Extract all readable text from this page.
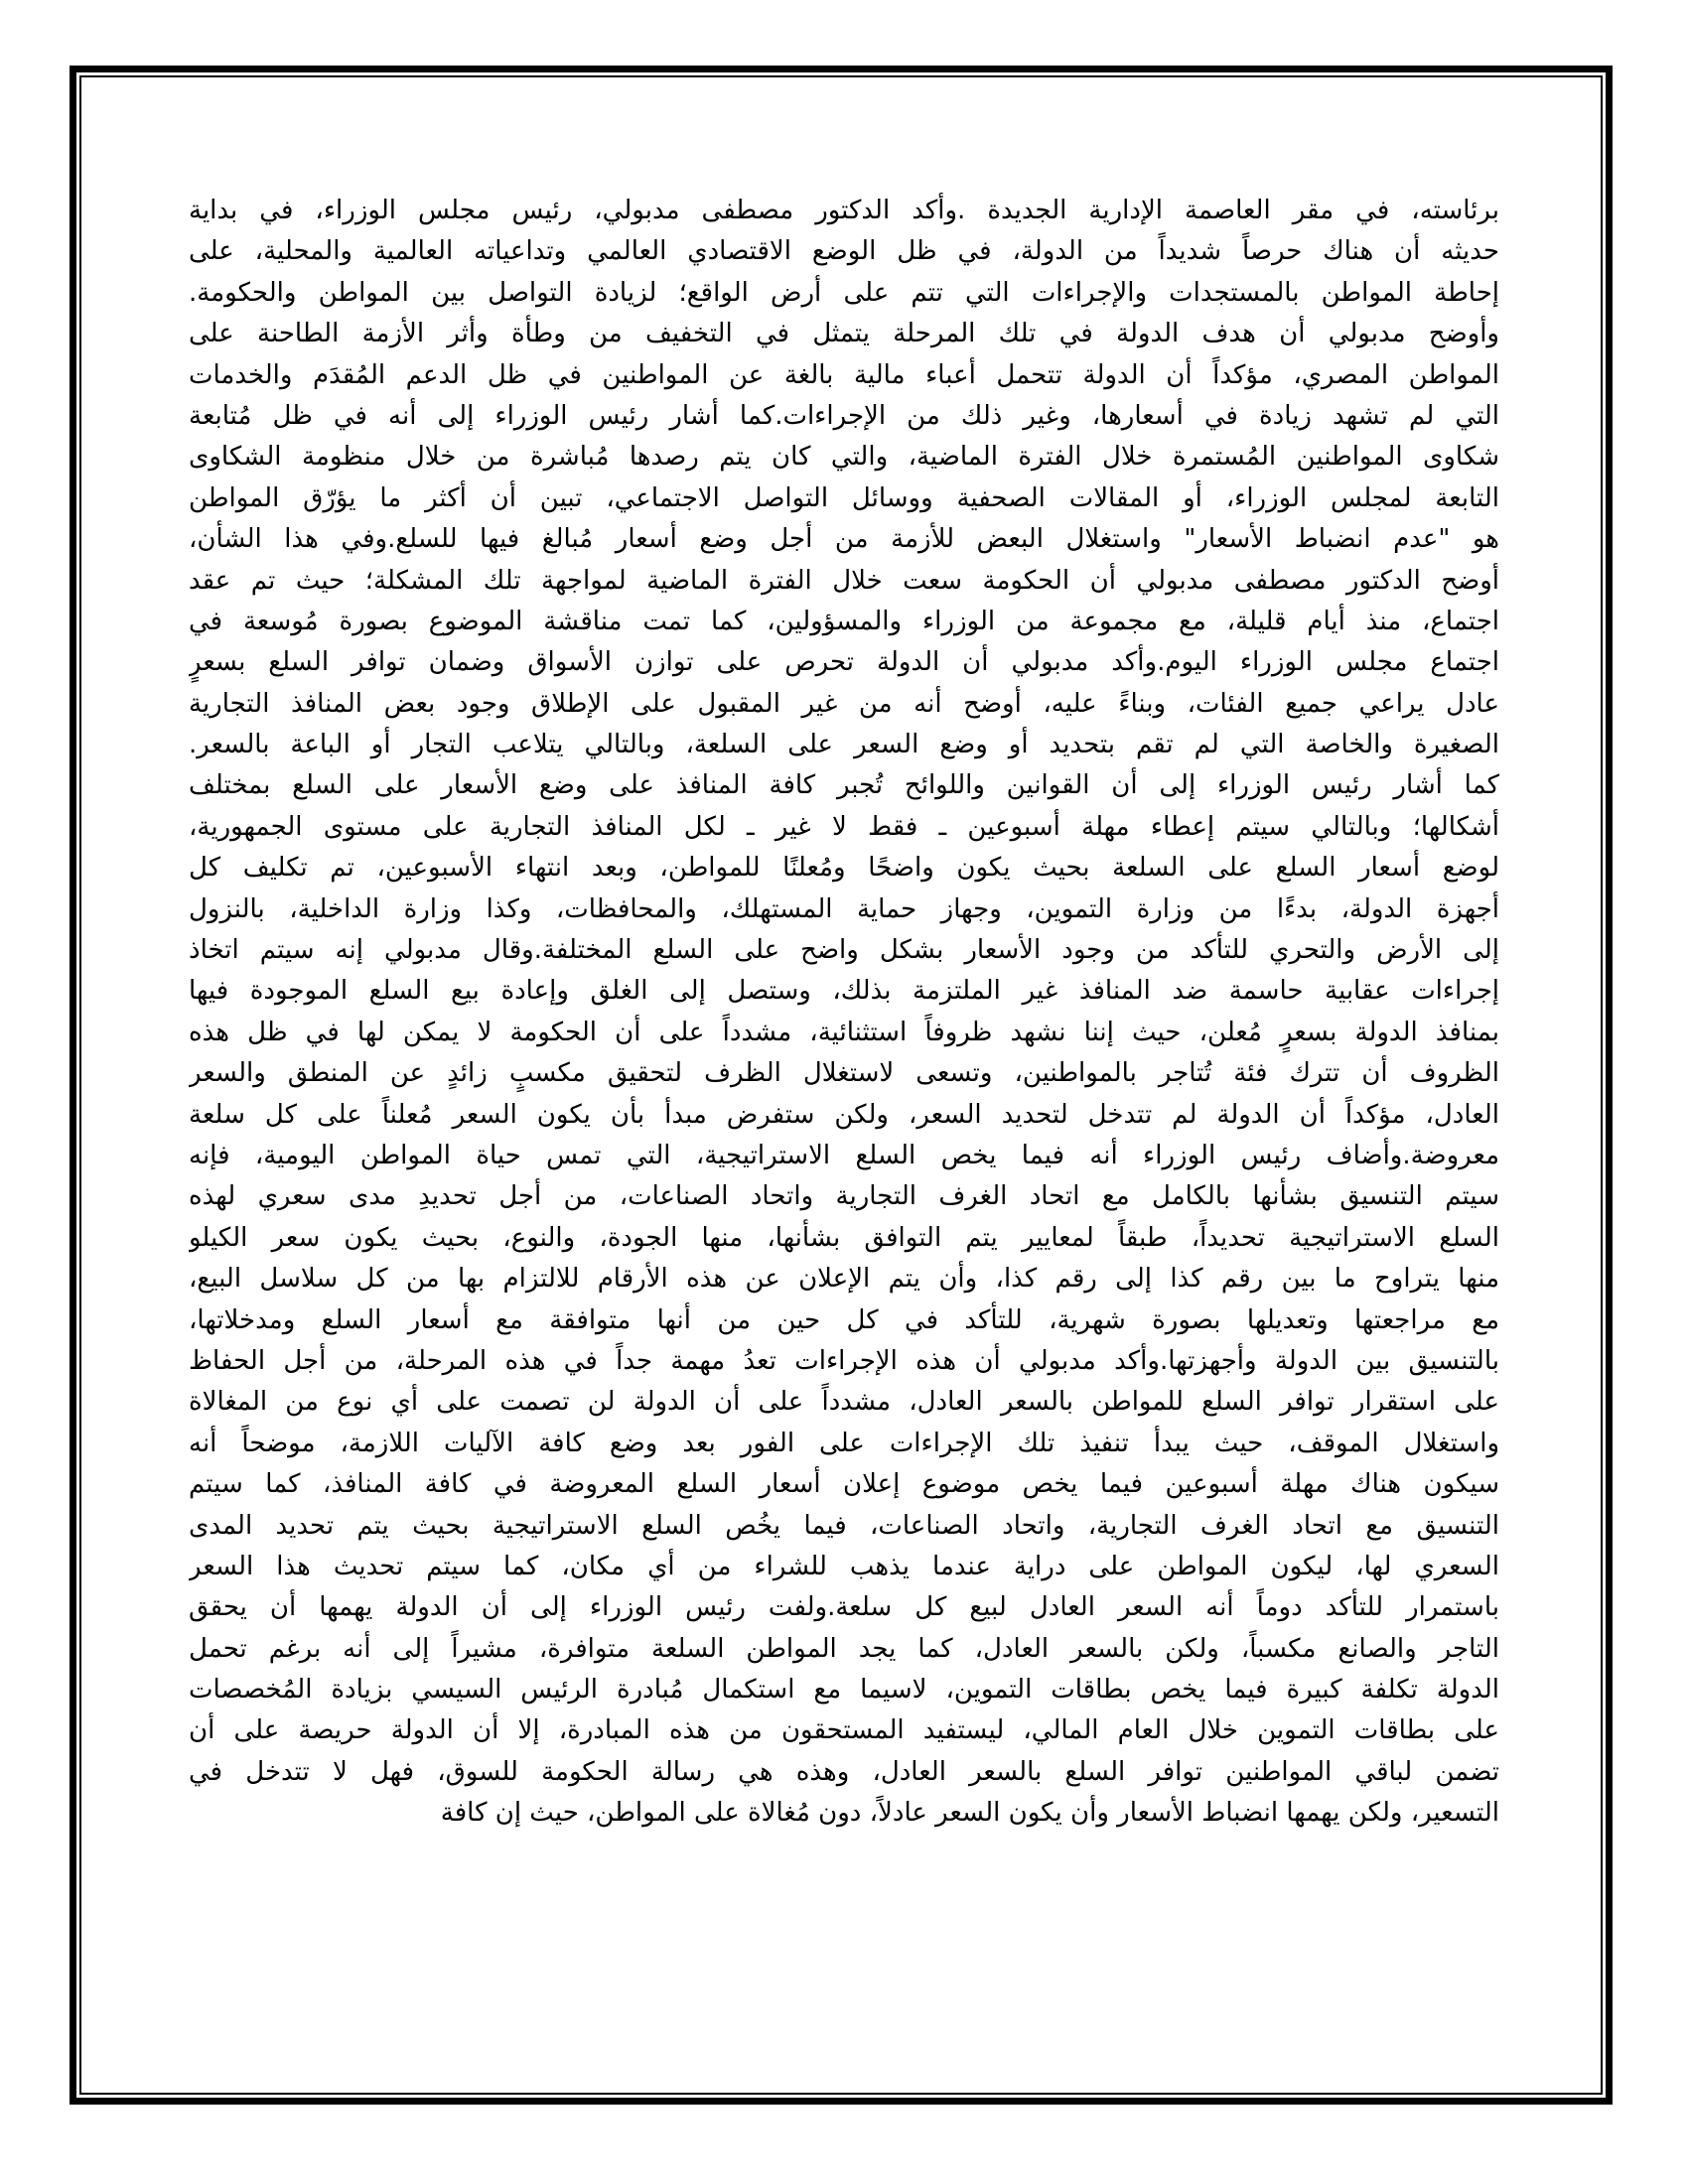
برئاسته، في مقر العاصمة الإدارية الجديدة .وأكد الدكتور مصطفى مدبولي، رئيس مجلس الوزراء، في بداية
حديثه أن هناك حرصاً شديداً من الدولة، في ظل الوضع الاقتصادي العالمي وتداعياته العالمية والمحلية، على
إحاطة المواطن بالمستجدات والإجراءات التي تتم على أرض الواقع؛ لزيادة التواصل بين المواطن والحكومة.
وأوضح مدبولي أن هدف الدولة في تلك المرحلة يتمثل في التخفيف من وطأة وأثر الأزمة الطاحنة على
المواطن المصري، مؤكداً أن الدولة تتحمل أعباء مالية بالغة عن المواطنين في ظل الدعم المُقدَم والخدمات
التي لم تشهد زيادة في أسعارها، وغير ذلك من الإجراءات.كما أشار رئيس الوزراء إلى أنه في ظل مُتابعة
شكاوى المواطنين المُستمرة خلال الفترة الماضية، والتي كان يتم رصدها مُباشرة من خلال منظومة الشكاوى
التابعة لمجلس الوزراء، أو المقالات الصحفية ووسائل التواصل الاجتماعي، تبين أن أكثر ما يؤرّق المواطن
هو "عدم انضباط الأسعار" واستغلال البعض للأزمة من أجل وضع أسعار مُبالغ فيها للسلع.وفي هذا الشأن،
أوضح الدكتور مصطفى مدبولي أن الحكومة سعت خلال الفترة الماضية لمواجهة تلك المشكلة؛ حيث تم عقد
اجتماع، منذ أيام قليلة، مع مجموعة من الوزراء والمسؤولين، كما تمت مناقشة الموضوع بصورة مُوسعة في
اجتماع مجلس الوزراء اليوم.وأكد مدبولي أن الدولة تحرص على توازن الأسواق وضمان توافر السلع بسعرٍ
عادل يراعي جميع الفئات، وبناءً عليه، أوضح أنه من غير المقبول على الإطلاق وجود بعض المنافذ التجارية
الصغيرة والخاصة التي لم تقم بتحديد أو وضع السعر على السلعة، وبالتالي يتلاعب التجار أو الباعة بالسعر.
كما أشار رئيس الوزراء إلى أن القوانين واللوائح تُجبر كافة المنافذ على وضع الأسعار على السلع بمختلف
أشكالها؛ وبالتالي سيتم إعطاء مهلة أسبوعين ـ فقط لا غير ـ لكل المنافذ التجارية على مستوى الجمهورية،
لوضع أسعار السلع على السلعة بحيث يكون واضحًا ومُعلنًا للمواطن، وبعد انتهاء الأسبوعين، تم تكليف كل
أجهزة الدولة، بدءًا من وزارة التموين، وجهاز حماية المستهلك، والمحافظات، وكذا وزارة الداخلية، بالنزول
إلى الأرض والتحري للتأكد من وجود الأسعار بشكل واضح على السلع المختلفة.وقال مدبولي إنه سيتم اتخاذ
إجراءات عقابية حاسمة ضد المنافذ غير الملتزمة بذلك، وستصل إلى الغلق وإعادة بيع السلع الموجودة فيها
بمنافذ الدولة بسعرٍ مُعلن، حيث إننا نشهد ظروفاً استثنائية، مشدداً على أن الحكومة لا يمكن لها في ظل هذه
الظروف أن تترك فئة تُتاجر بالمواطنين، وتسعى لاستغلال الظرف لتحقيق مكسبٍ زائدٍ عن المنطق والسعر
العادل، مؤكداً أن الدولة لم تتدخل لتحديد السعر، ولكن ستفرض مبدأ بأن يكون السعر مُعلناً على كل سلعة
معروضة.وأضاف رئيس الوزراء أنه فيما يخص السلع الاستراتيجية، التي تمس حياة المواطن اليومية، فإنه
سيتم التنسيق بشأنها بالكامل مع اتحاد الغرف التجارية واتحاد الصناعات، من أجل تحديدِ مدى سعري لهذه
السلع الاستراتيجية تحديداً، طبقاً لمعايير يتم التوافق بشأنها، منها الجودة، والنوع، بحيث يكون سعر الكيلو
منها يتراوح ما بين رقم كذا إلى رقم كذا، وأن يتم الإعلان عن هذه الأرقام للالتزام بها من كل سلاسل البيع،
مع مراجعتها وتعديلها بصورة شهرية، للتأكد في كل حين من أنها متوافقة مع أسعار السلع ومدخلاتها،
بالتنسيق بين الدولة وأجهزتها.وأكد مدبولي أن هذه الإجراءات تعدُ مهمة جداً في هذه المرحلة، من أجل الحفاظ
على استقرار توافر السلع للمواطن بالسعر العادل، مشدداً على أن الدولة لن تصمت على أي نوع من المغالاة
واستغلال الموقف، حيث يبدأ تنفيذ تلك الإجراءات على الفور بعد وضع كافة الآليات اللازمة، موضحاً أنه
سيكون هناك مهلة أسبوعين فيما يخص موضوع إعلان أسعار السلع المعروضة في كافة المنافذ، كما سيتم
التنسيق مع اتحاد الغرف التجارية، واتحاد الصناعات، فيما يخُص السلع الاستراتيجية بحيث يتم تحديد المدى
السعري لها، ليكون المواطن على دراية عندما يذهب للشراء من أي مكان، كما سيتم تحديث هذا السعر
باستمرار للتأكد دوماً أنه السعر العادل لبيع كل سلعة.ولفت رئيس الوزراء إلى أن الدولة يهمها أن يحقق
التاجر والصانع مكسباً، ولكن بالسعر العادل، كما يجد المواطن السلعة متوافرة، مشيراً إلى أنه برغم تحمل
الدولة تكلفة كبيرة فيما يخص بطاقات التموين، لاسيما مع استكمال مُبادرة الرئيس السيسي بزيادة المُخصصات
على بطاقات التموين خلال العام المالي، ليستفيد المستحقون من هذه المبادرة، إلا أن الدولة حريصة على أن
تضمن لباقي المواطنين توافر السلع بالسعر العادل، وهذه هي رسالة الحكومة للسوق، فهل لا تتدخل في
التسعير، ولكن يهمها انضباط الأسعار وأن يكون السعر عادلاً، دون مُغالاة على المواطن، حيث إن كافة
